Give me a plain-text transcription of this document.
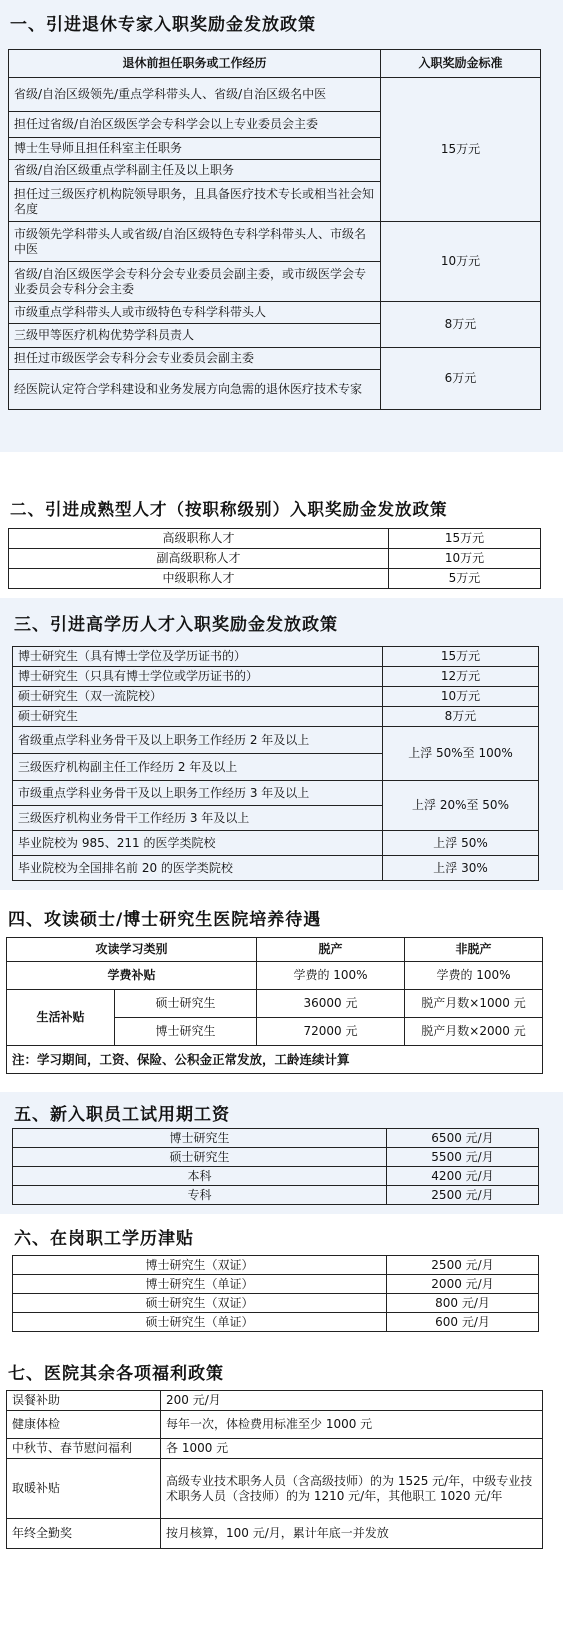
一、引进退休专家入职奖励金发放政策
退休前担任职务或工作经历	入职奖励金标准
省级/自治区级领先/重点学科带头人、省级/自治区级名中医	15万元
担任过省级/自治区级医学会专科学会以上专业委员会主委	
博士生导师且担任科室主任职务	
省级/自治区级重点学科副主任及以上职务	
担任过三级医疗机构院领导职务，且具备医疗技术专长或相当社会知名度	
市级领先学科带头人或省级/自治区级特色专科学科带头人、市级名中医	10万元
省级/自治区级医学会专科分会专业委员会副主委，或市级医学会专业委员会专科分会主委	
市级重点学科带头人或市级特色专科学科带头人	8万元
三级甲等医疗机构优势学科员责人	
担任过市级医学会专科分会专业委员会副主委	6万元
经医院认定符合学科建设和业务发展方向急需的退休医疗技术专家	
二、引进成熟型人才（按职称级别）入职奖励金发放政策
高级职称人才	15万元
副高级职称人才	10万元
中级职称人才	5万元
三、引进高学历人才入职奖励金发放政策
博士研究生（具有博士学位及学历证书的）	15万元
博士研究生（只具有博士学位或学历证书的）	12万元
硕士研究生（双一流院校）	10万元
硕士研究生	8万元
省级重点学科业务骨干及以上职务工作经历 2 年及以上	上浮 50%至 100%
三级医疗机构副主任工作经历 2 年及以上	
市级重点学科业务骨干及以上职务工作经历 3 年及以上	上浮 20%至 50%
三级医疗机构业务骨干工作经历 3 年及以上	
毕业院校为 985、211 的医学类院校	上浮 50%
毕业院校为全国排名前 20 的医学类院校	上浮 30%
四、攻读硕士/博士研究生医院培养待遇
攻读学习类别		脱产	非脱产
学费补贴		学费的 100%	学费的 100%
生活补贴	硕士研究生	36000 元	脱产月数×1000 元
	博士研究生	72000 元	脱产月数×2000 元
注：学习期间，工资、保险、公积金正常发放，工龄连续计算			
五、新入职员工试用期工资
博士研究生	6500 元/月
硕士研究生	5500 元/月
本科	4200 元/月
专科	2500 元/月
六、在岗职工学历津贴
博士研究生（双证）	2500 元/月
博士研究生（单证）	2000 元/月
硕士研究生（双证）	800 元/月
硕士研究生（单证）	600 元/月
七、医院其余各项福利政策
误餐补助	200 元/月
健康体检	每年一次，体检费用标准至少 1000 元
中秋节、春节慰问福利	各 1000 元
取暖补贴	高级专业技术职务人员（含高级技师）的为 1525 元/年，中级专业技术职务人员（含技师）的为 1210 元/年，其他职工 1020 元/年
年终全勤奖	按月核算，100 元/月，累计年底一并发放
